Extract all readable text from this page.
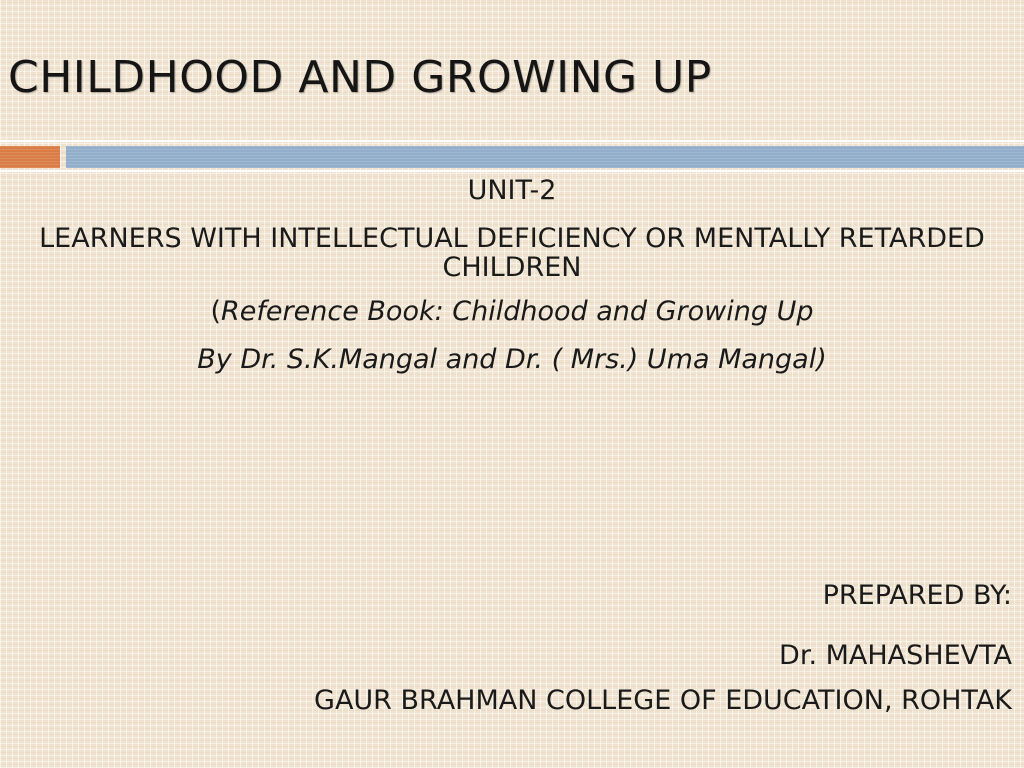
CHILDHOOD AND GROWING UP

UNIT-2

LEARNERS WITH INTELLECTUAL DEFICIENCY OR MENTALLY RETARDED CHILDREN

(Reference Book: Childhood and Growing Up

By Dr. S.K.Mangal and Dr. ( Mrs.) Uma Mangal)

PREPARED BY:
Dr. MAHASHEVTA
GAUR BRAHMAN COLLEGE OF EDUCATION, ROHTAK
